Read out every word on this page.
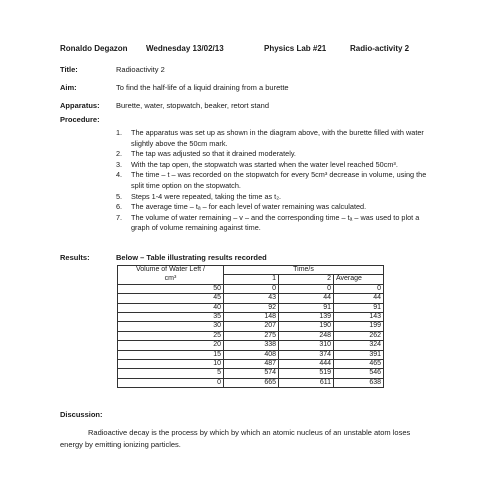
Ronaldo Degazon Wednesday 13/02/13	Physics Lab #21	Radio-activity 2
Title:	Radioactivity 2
Aim:	To find the half-life of a liquid draining from a burette
Apparatus: Burette, water, stopwatch, beaker, retort stand
Procedure:
1. The apparatus was set up as shown in the diagram above, with the burette filled with water slightly above the 50cm mark.
2. The tap was adjusted so that it drained moderately.
3. With the tap open, the stopwatch was started when the water level reached 50cm³.
4. The time – t – was recorded on the stopwatch for every 5cm³ decrease in volume, using the split time option on the stopwatch.
5. Steps 1-4 were repeated, taking the time as t₂.
6. The average time – tₐ – for each level of water remaining was calculated.
7. The volume of water remaining – v – and the corresponding time – tₐ – was used to plot a graph of volume remaining against time.
Results:	Below – Table illustrating results recorded
Volume of Water Left /	Time/s		
cm³	1	2	Average
50	0	0	0
45	43	44	44
40	92	91	91
35	148	139	143
30	207	190	199
25	275	248	262
20	338	310	324
15	408	374	391
10	487	444	465
5	574	519	546
0	665	611	638
Discussion:

Radioactive decay is the process by which by which an atomic nucleus of an unstable atom loses energy by emitting ionizing particles.
